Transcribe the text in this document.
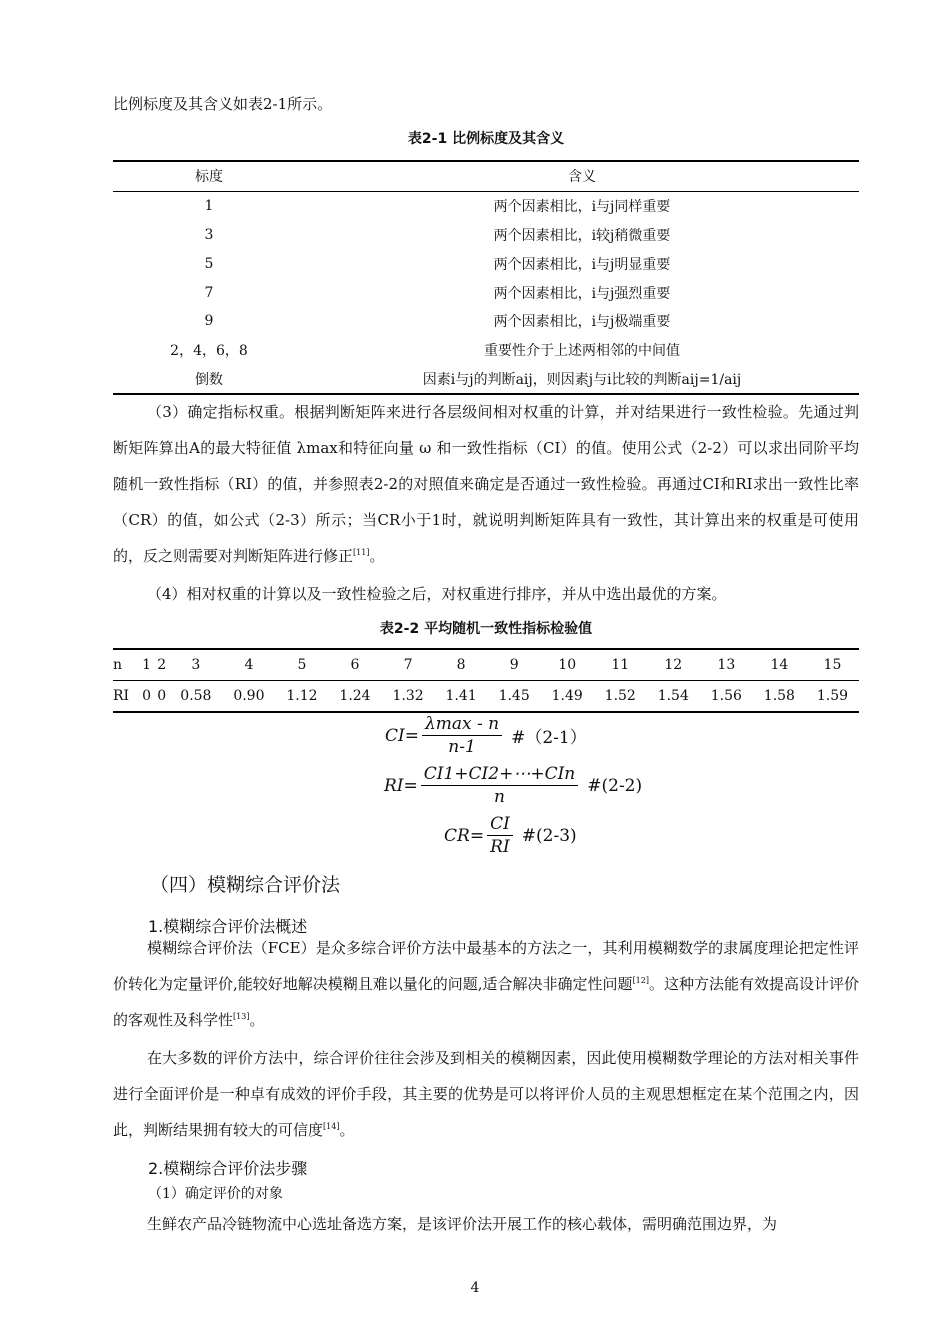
比例标度及其含义如表2-1所示。
表2-1 比例标度及其含义
标度	含义
1	两个因素相比，i与j同样重要
3	两个因素相比，i较j稍微重要
5	两个因素相比，i与j明显重要
7	两个因素相比，i与j强烈重要
9	两个因素相比，i与j极端重要
2，4，6，8	重要性介于上述两相邻的中间值
倒数	因素i与j的判断aij，则因素j与i比较的判断aij=1/aij
（3）确定指标权重。根据判断矩阵来进行各层级间相对权重的计算，并对结果进行一致性检验。先通过判断矩阵算出A的最大特征值 λmax和特征向量 ω 和一致性指标（CI）的值。使用公式（2-2）可以求出同阶平均随机一致性指标（RI）的值，并参照表2-2的对照值来确定是否通过一致性检验。再通过CI和RI求出一致性比率（CR）的值，如公式（2-3）所示；当CR小于1时，就说明判断矩阵具有一致性，其计算出来的权重是可使用的，反之则需要对判断矩阵进行修正[11]。
（4）相对权重的计算以及一致性检验之后，对权重进行排序，并从中选出最优的方案。
表2-2 平均随机一致性指标检验值
n	1	2	3	4	5	6	7	8	9	10	11	12	13	14	15
RI	0	0	0.58	0.90	1.12	1.24	1.32	1.41	1.45	1.49	1.52	1.54	1.56	1.58	1.59
CI = $\frac{\lambda\max - n}{n-1}$ #（2-1）
RI = $\frac{\text{CI1+CI2+⋯+CIn}}{n}$ #(2-2)
CR = $\frac{CI}{RI}$ #(2-3)
（四）模糊综合评价法
1.模糊综合评价法概述
模糊综合评价法（FCE）是众多综合评价方法中最基本的方法之一，其利用模糊数学的隶属度理论把定性评价转化为定量评价,能较好地解决模糊且难以量化的问题,适合解决非确定性问题[12]。这种方法能有效提高设计评价的客观性及科学性[13]。
在大多数的评价方法中，综合评价往往会涉及到相关的模糊因素，因此使用模糊数学理论的方法对相关事件进行全面评价是一种卓有成效的评价手段，其主要的优势是可以将评价人员的主观思想框定在某个范围之内，因此，判断结果拥有较大的可信度[14]。
2.模糊综合评价法步骤
（1）确定评价的对象
生鲜农产品冷链物流中心选址备选方案，是该评价法开展工作的核心载体，需明确范围边界，为
4
